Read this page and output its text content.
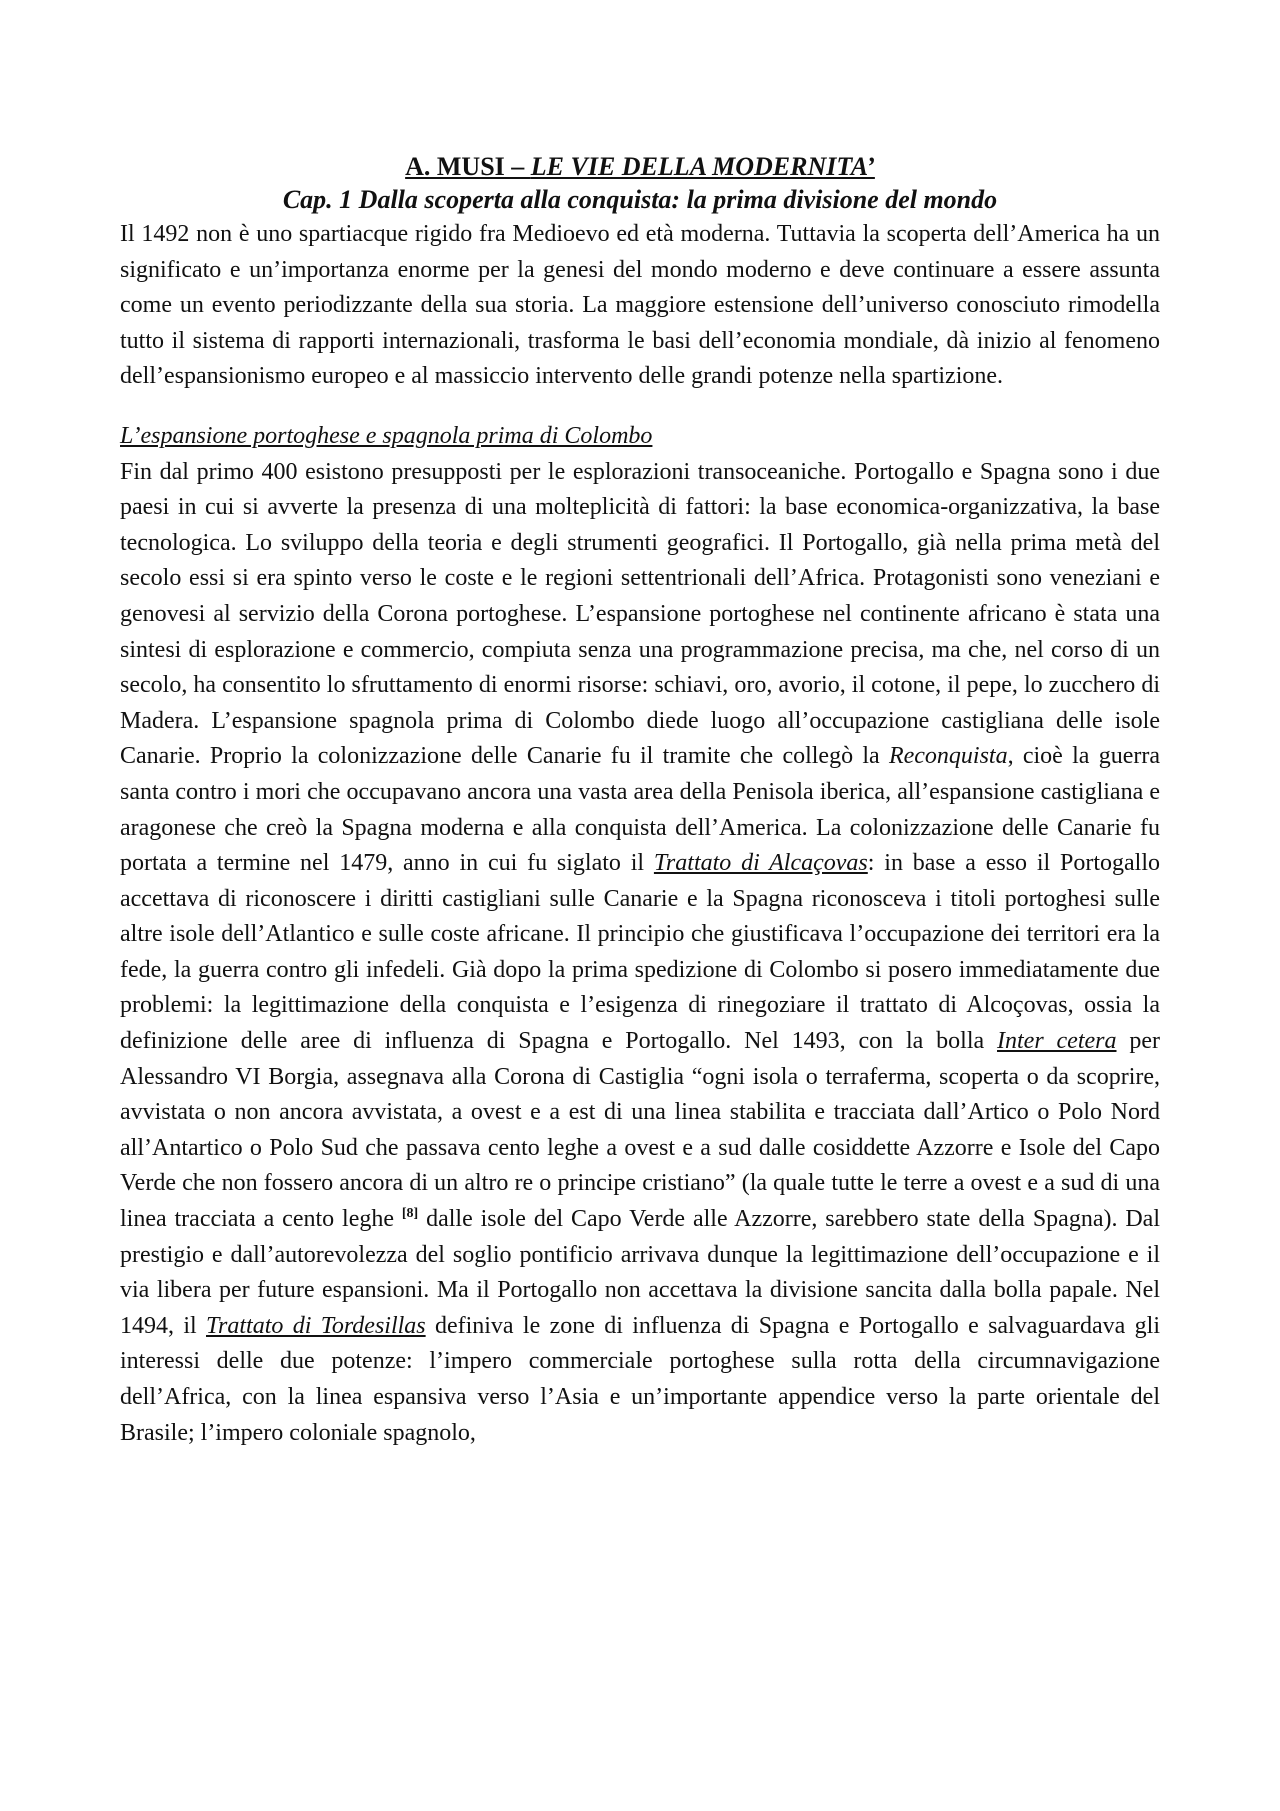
A. MUSI – LE VIE DELLA MODERNITA’
Cap. 1 Dalla scoperta alla conquista: la prima divisione del mondo

Il 1492 non è uno spartiacque rigido fra Medioevo ed età moderna. Tuttavia la scoperta dell’America ha un significato e un’importanza enorme per la genesi del mondo moderno e deve continuare a essere assunta come un evento periodizzante della sua storia. La maggiore estensione dell’universo conosciuto rimodella tutto il sistema di rapporti internazionali, trasforma le basi dell’economia mondiale, dà inizio al fenomeno dell’espansionismo europeo e al massiccio intervento delle grandi potenze nella spartizione.

L’espansione portoghese e spagnola prima di Colombo

Fin dal primo 400 esistono presupposti per le esplorazioni transoceaniche. Portogallo e Spagna sono i due paesi in cui si avverte la presenza di una molteplicità di fattori: la base economica-organizzativa, la base tecnologica. Lo sviluppo della teoria e degli strumenti geografici. Il Portogallo, già nella prima metà del secolo essi si era spinto verso le coste e le regioni settentrionali dell’Africa. Protagonisti sono veneziani e genovesi al servizio della Corona portoghese. L’espansione portoghese nel continente africano è stata una sintesi di esplorazione e commercio, compiuta senza una programmazione precisa, ma che, nel corso di un secolo, ha consentito lo sfruttamento di enormi risorse: schiavi, oro, avorio, il cotone, il pepe, lo zucchero di Madera. L’espansione spagnola prima di Colombo diede luogo all’occupazione castigliana delle isole Canarie. Proprio la colonizzazione delle Canarie fu il tramite che collegò la Reconquista, cioè la guerra santa contro i mori che occupavano ancora una vasta area della Penisola iberica, all’espansione castigliana e aragonese che creò la Spagna moderna e alla conquista dell’America. La colonizzazione delle Canarie fu portata a termine nel 1479, anno in cui fu siglato il Trattato di Alcaçovas: in base a esso il Portogallo accettava di riconoscere i diritti castigliani sulle Canarie e la Spagna riconosceva i titoli portoghesi sulle altre isole dell’Atlantico e sulle coste africane. Il principio che giustificava l’occupazione dei territori era la fede, la guerra contro gli infedeli. Già dopo la prima spedizione di Colombo si posero immediatamente due problemi: la legittimazione della conquista e l’esigenza di rinegoziare il trattato di Alcoçovas, ossia la definizione delle aree di influenza di Spagna e Portogallo. Nel 1493, con la bolla Inter cetera per Alessandro VI Borgia, assegnava alla Corona di Castiglia “ogni isola o terraferma, scoperta o da scoprire, avvistata o non ancora avvistata, a ovest e a est di una linea stabilita e tracciata dall’Artico o Polo Nord all’Antartico o Polo Sud che passava cento leghe a ovest e a sud dalle cosiddette Azzorre e Isole del Capo Verde che non fossero ancora di un altro re o principe cristiano” (la quale tutte le terre a ovest e a sud di una linea tracciata a cento leghe [8] dalle isole del Capo Verde alle Azzorre, sarebbero state della Spagna). Dal prestigio e dall’autorevolezza del soglio pontificio arrivava dunque la legittimazione dell’occupazione e il via libera per future espansioni. Ma il Portogallo non accettava la divisione sancita dalla bolla papale. Nel 1494, il Trattato di Tordesillas definiva le zone di influenza di Spagna e Portogallo e salvaguardava gli interessi delle due potenze: l’impero commerciale portoghese sulla rotta della circumnavigazione dell’Africa, con la linea espansiva verso l’Asia e un’importante appendice verso la parte orientale del Brasile; l’impero coloniale spagnolo,
